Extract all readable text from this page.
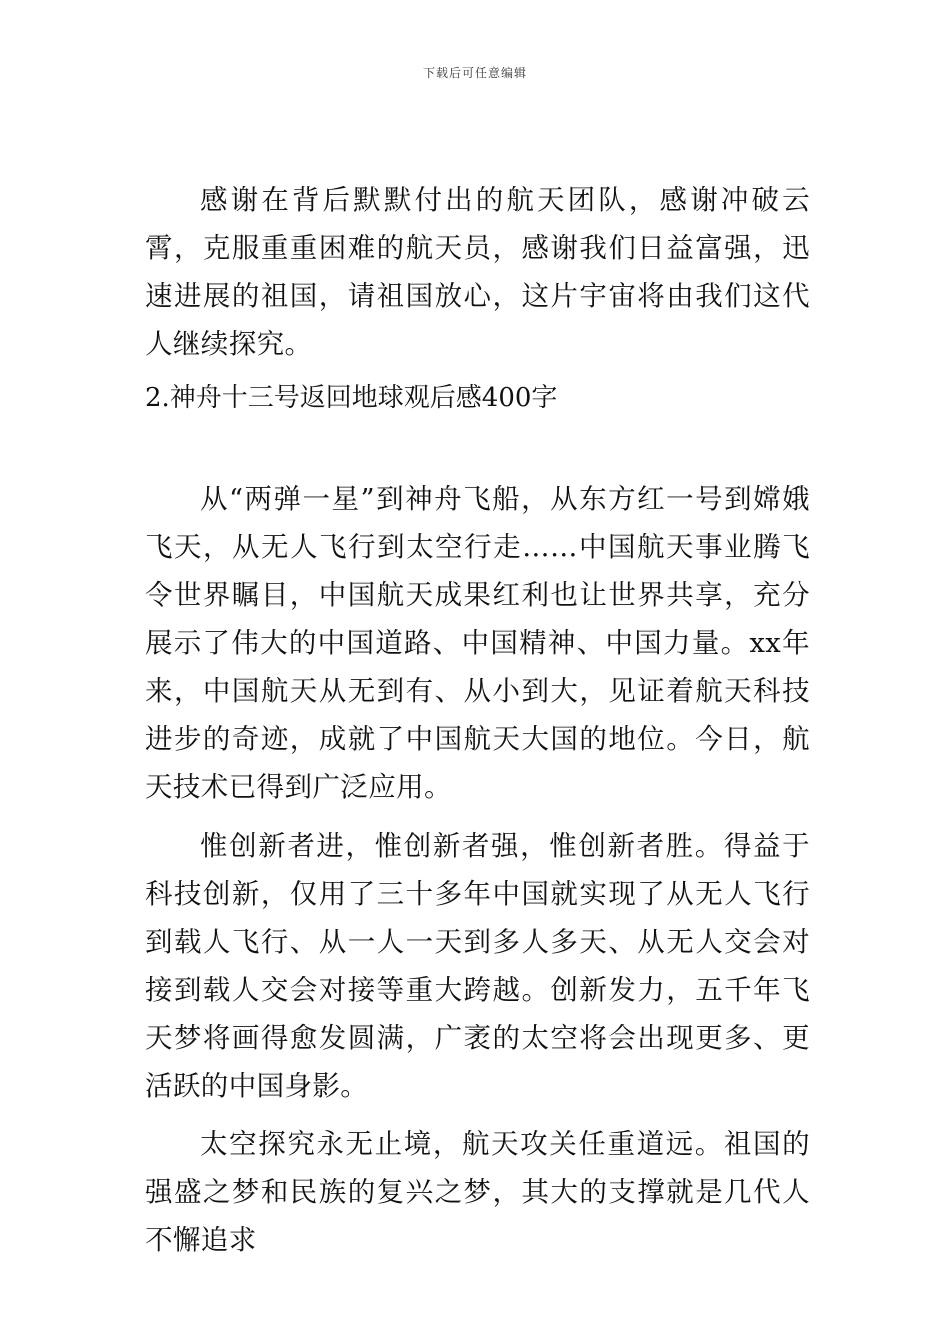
下载后可任意编辑

感谢在背后默默付出的航天团队，感谢冲破云霄，克服重重困难的航天员，感谢我们日益富强，迅速进展的祖国，请祖国放心，这片宇宙将由我们这代人继续探究。

2.神舟十三号返回地球观后感400字

从“两弹一星”到神舟飞船，从东方红一号到嫦娥飞天，从无人飞行到太空行走……中国航天事业腾飞令世界瞩目，中国航天成果红利也让世界共享，充分展示了伟大的中国道路、中国精神、中国力量。xx年来，中国航天从无到有、从小到大，见证着航天科技进步的奇迹，成就了中国航天大国的地位。今日，航天技术已得到广泛应用。

惟创新者进，惟创新者强，惟创新者胜。得益于科技创新，仅用了三十多年中国就实现了从无人飞行到载人飞行、从一人一天到多人多天、从无人交会对接到载人交会对接等重大跨越。创新发力，五千年飞天梦将画得愈发圆满，广袤的太空将会出现更多、更活跃的中国身影。

太空探究永无止境，航天攻关任重道远。祖国的强盛之梦和民族的复兴之梦，其大的支撑就是几代人不懈追求
